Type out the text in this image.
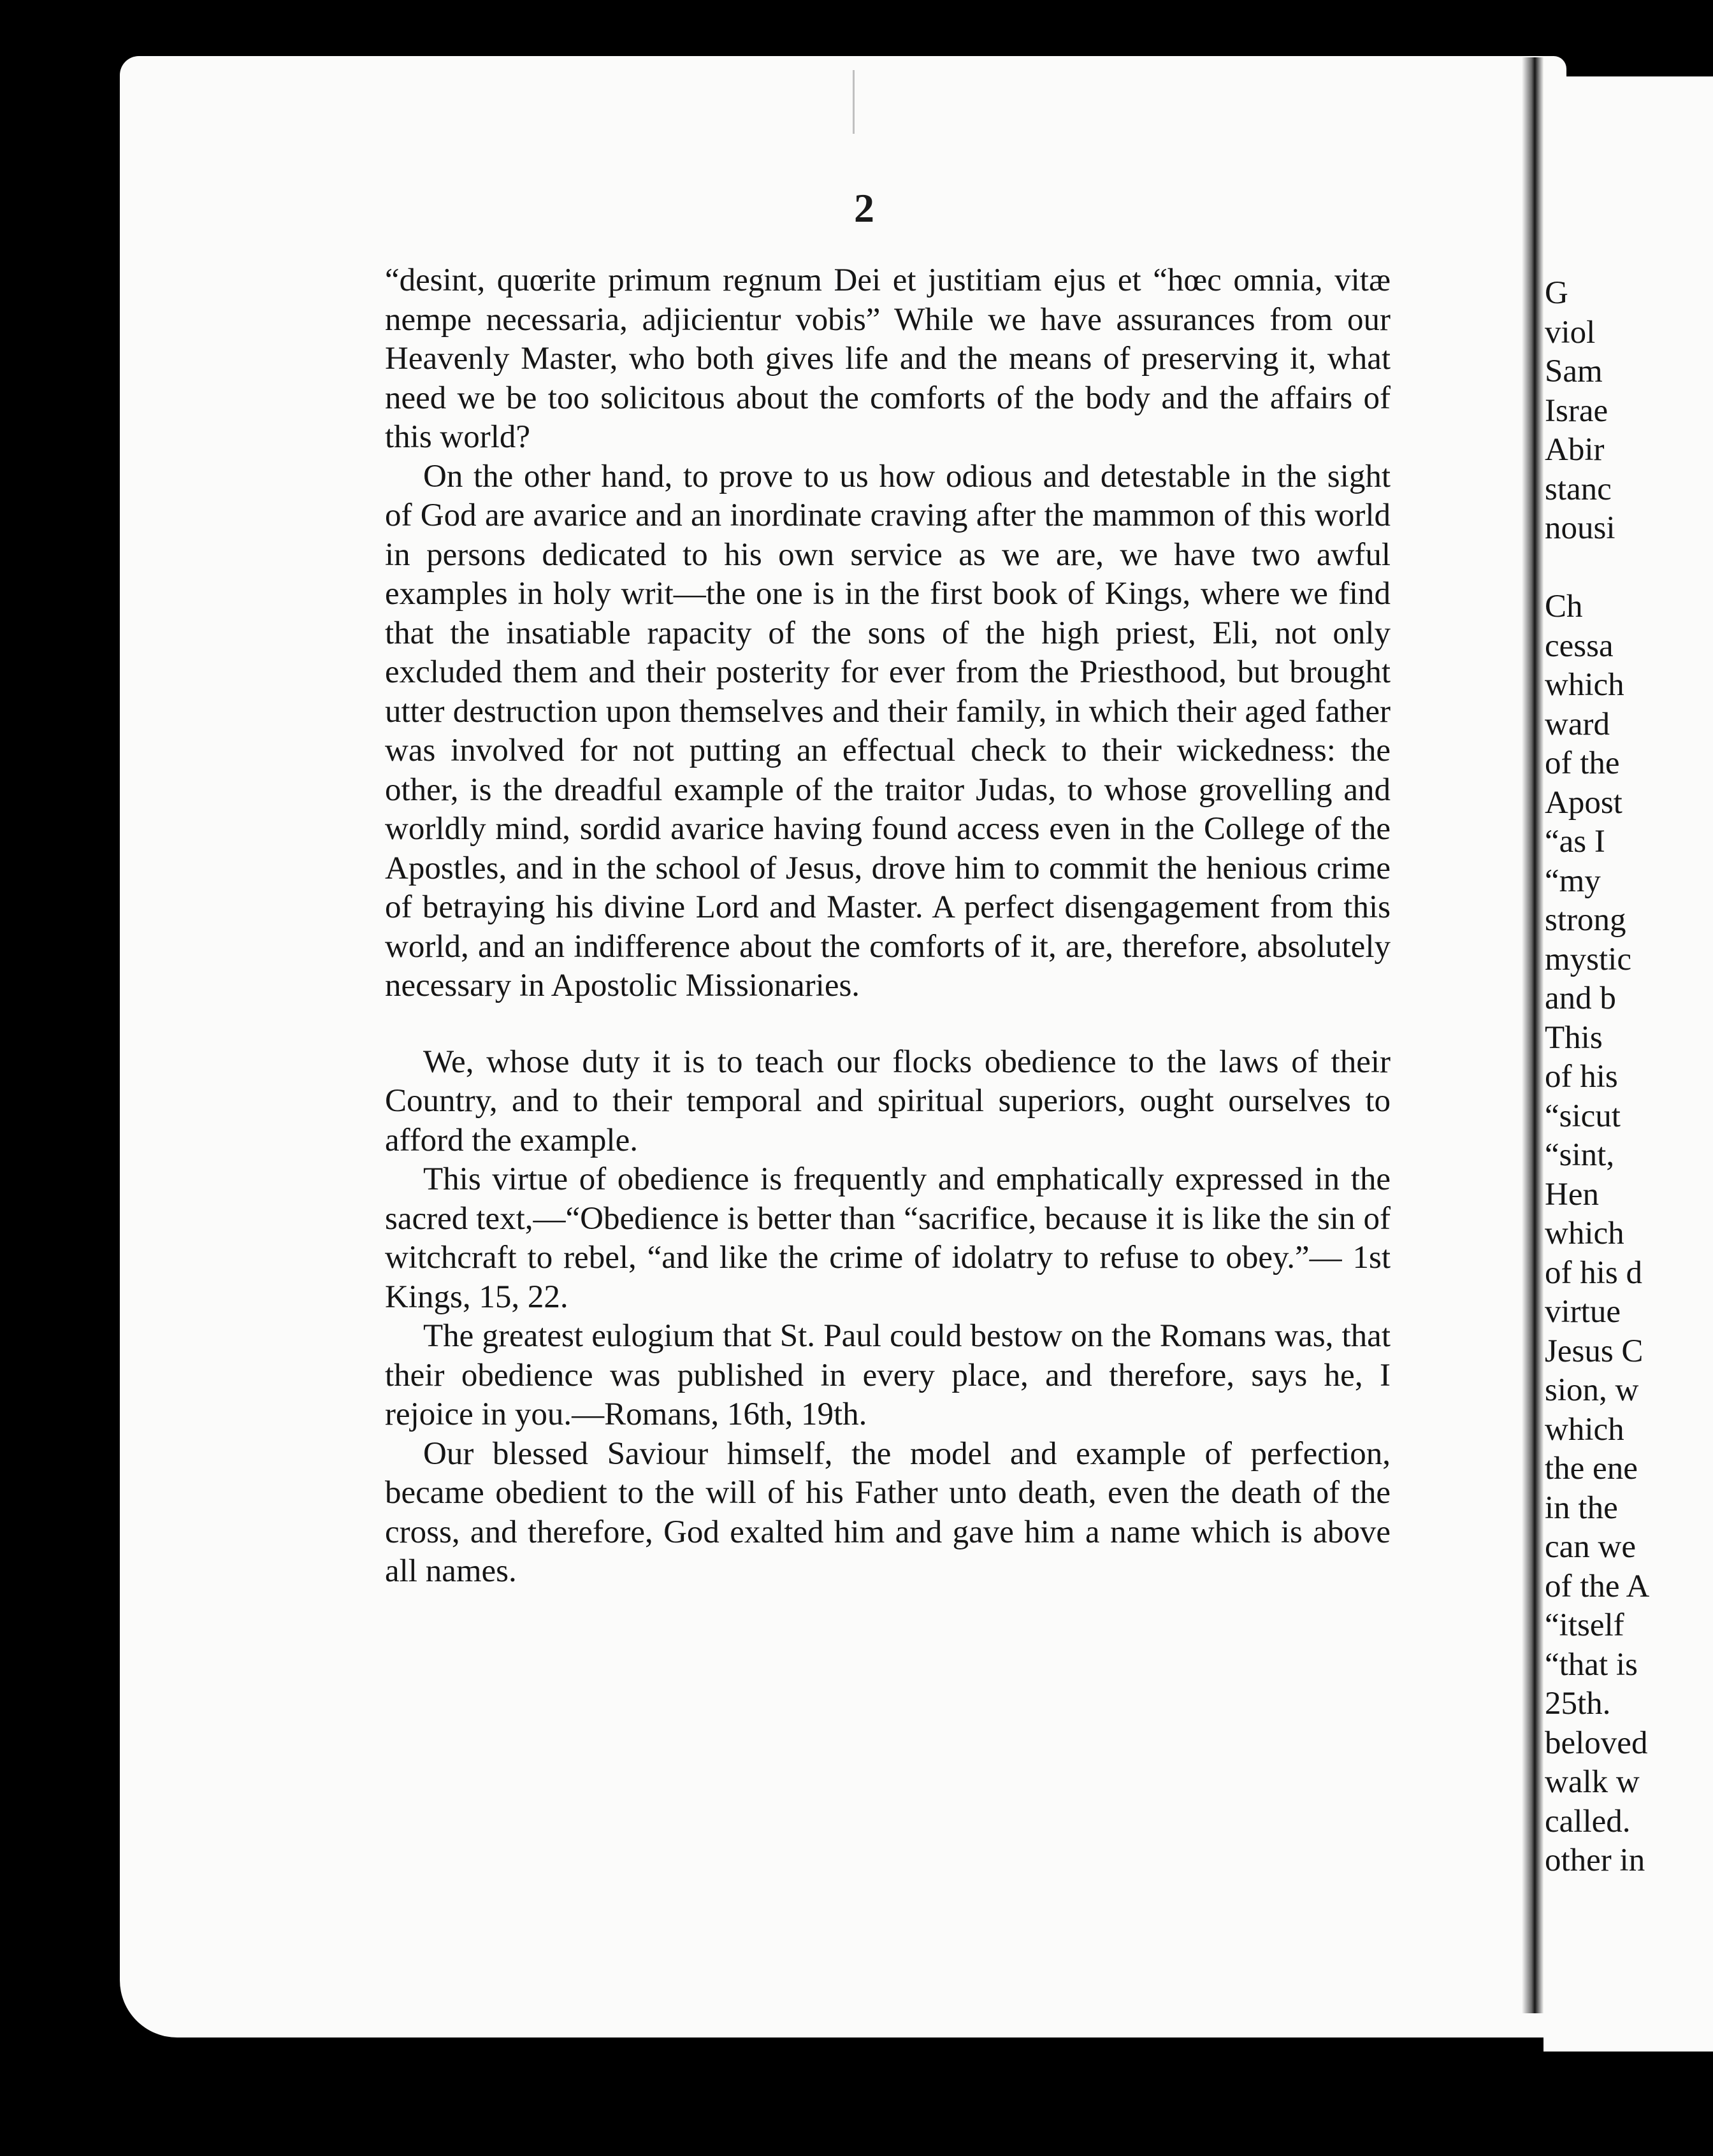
2

“desint, quœrite primum regnum Dei et justitiam ejus et “hœc omnia, vitæ nempe necessaria, adjicientur vobis” While we have assurances from our Heavenly Master, who both gives life and the means of preserving it, what need we be too solicitous about the comforts of the body and the affairs of this world?

On the other hand, to prove to us how odious and detestable in the sight of God are avarice and an inordinate craving after the mammon of this world in persons dedicated to his own service as we are, we have two awful examples in holy writ—the one is in the first book of Kings, where we find that the insatiable rapacity of the sons of the high priest, Eli, not only excluded them and their posterity for ever from the Priesthood, but brought utter destruction upon themselves and their family, in which their aged father was involved for not putting an effectual check to their wickedness: the other, is the dreadful example of the traitor Judas, to whose grovelling and worldly mind, sordid avarice having found access even in the College of the Apostles, and in the school of Jesus, drove him to commit the henious crime of betraying his divine Lord and Master. A perfect disengagement from this world, and an indifference about the comforts of it, are, therefore, absolutely necessary in Apostolic Missionaries.

We, whose duty it is to teach our flocks obedience to the laws of their Country, and to their temporal and spiritual superiors, ought ourselves to afford the example.

This virtue of obedience is frequently and emphatically expressed in the sacred text,—“Obedience is better than “sacrifice, because it is like the sin of witchcraft to rebel, “and like the crime of idolatry to refuse to obey.”— 1st Kings, 15, 22.

The greatest eulogium that St. Paul could bestow on the Romans was, that their obedience was published in every place, and therefore, says he, I rejoice in you.—Romans, 16th, 19th.

Our blessed Saviour himself, the model and example of perfection, became obedient to the will of his Father unto death, even the death of the cross, and therefore, God exalted him and gave him a name which is above all names.

G
viol
Sam
Israe
Abir
stanc
nousi
Ch
cessa
which
ward
of the
Apost
“as I
“my
strong
mystic
and b
This
of his
“sicut
“sint,
Hen
which
of his d
virtue
Jesus C
sion, w
which
the ene
in the
can we
of the A
“itself
“that is
25th.
beloved
walk w
called.
other in
